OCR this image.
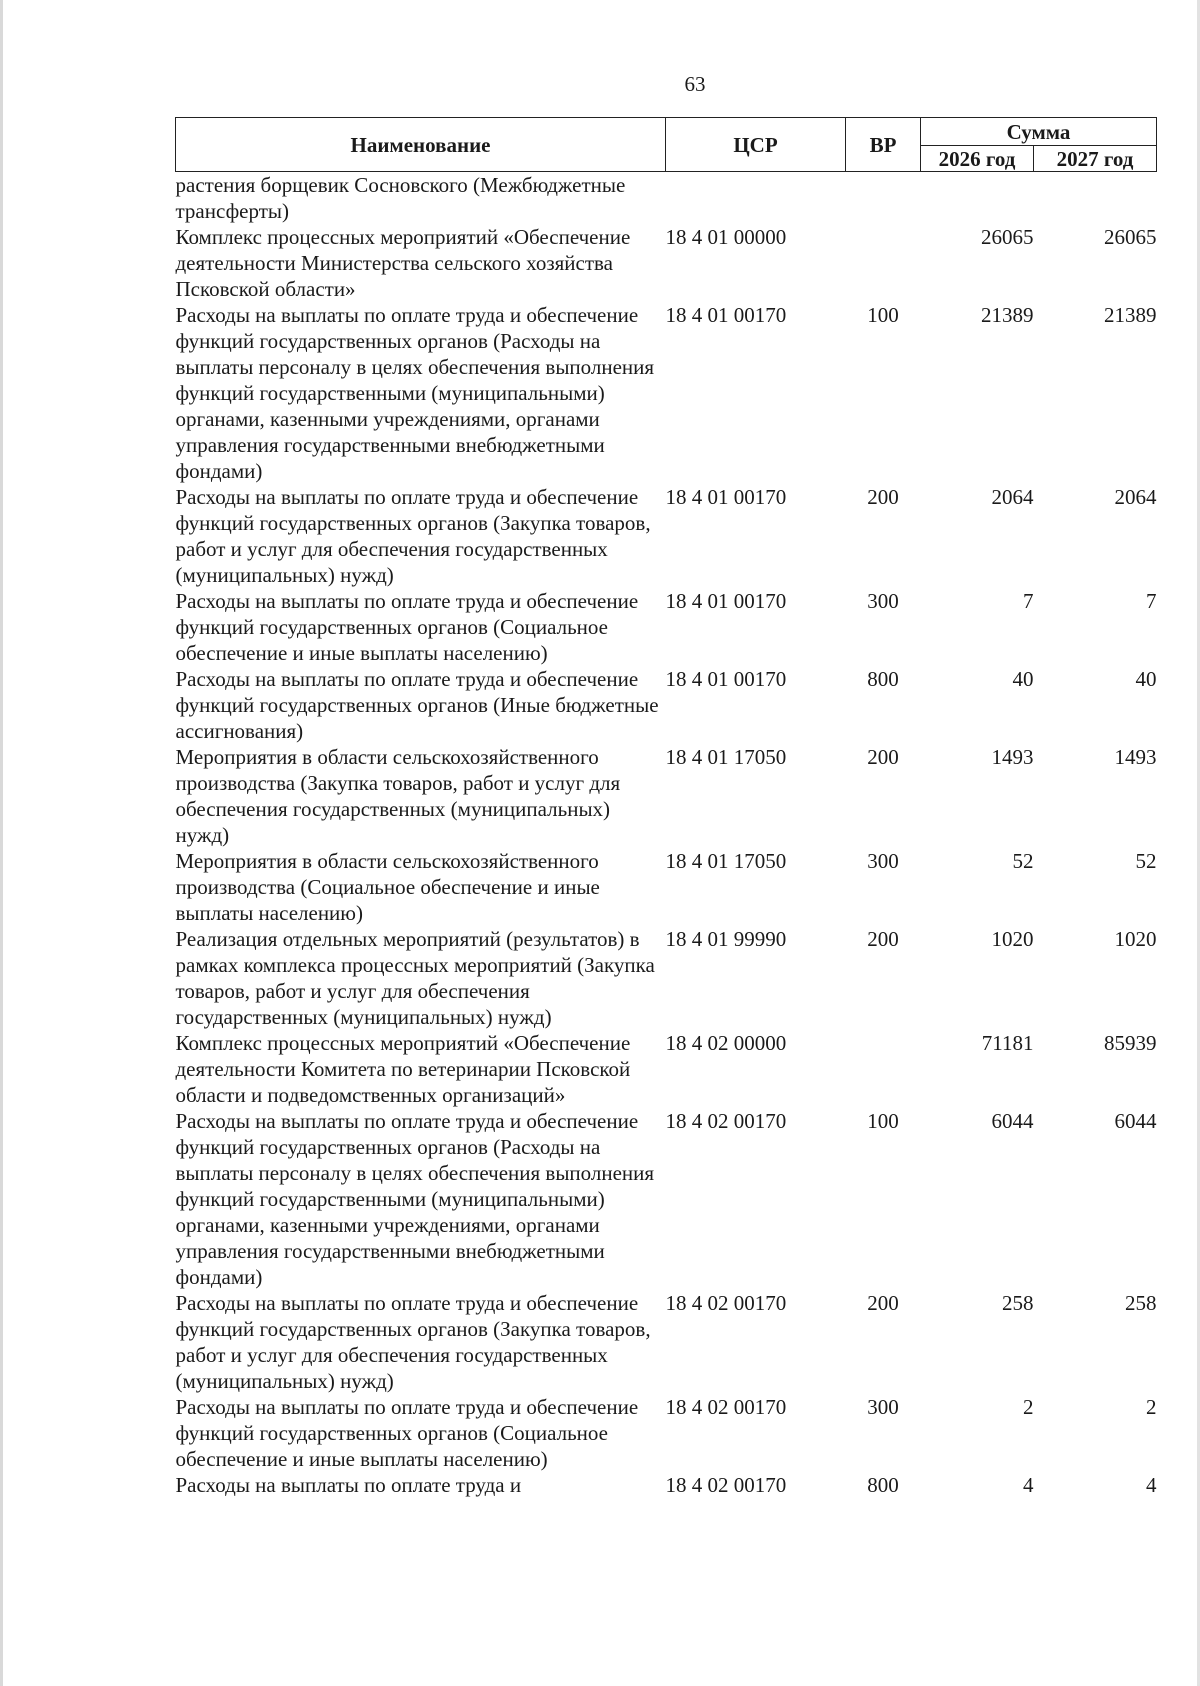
63
Наименование	ЦСР	ВР	Сумма	
			2026 год	2027 год
растения борщевик Сосновского (Межбюджетные трансферты)				
Комплекс процессных мероприятий «Обеспечение деятельности Министерства сельского хозяйства Псковской области»	18 4 01 00000		26065	26065
Расходы на выплаты по оплате труда и обеспечение функций государственных органов (Расходы на выплаты персоналу в целях обеспечения выполнения функций государственными (муниципальными) органами, казенными учреждениями, органами управления государственными внебюджетными фондами)	18 4 01 00170	100	21389	21389
Расходы на выплаты по оплате труда и обеспечение функций государственных органов (Закупка товаров, работ и услуг для обеспечения государственных (муниципальных) нужд)	18 4 01 00170	200	2064	2064
Расходы на выплаты по оплате труда и обеспечение функций государственных органов (Социальное обеспечение и иные выплаты населению)	18 4 01 00170	300	7	7
Расходы на выплаты по оплате труда и обеспечение функций государственных органов (Иные бюджетные ассигнования)	18 4 01 00170	800	40	40
Мероприятия в области сельскохозяйственного производства (Закупка товаров, работ и услуг для обеспечения государственных (муниципальных) нужд)	18 4 01 17050	200	1493	1493
Мероприятия в области сельскохозяйственного производства (Социальное обеспечение и иные выплаты населению)	18 4 01 17050	300	52	52
Реализация отдельных мероприятий (результатов) в рамках комплекса процессных мероприятий (Закупка товаров, работ и услуг для обеспечения государственных (муниципальных) нужд)	18 4 01 99990	200	1020	1020
Комплекс процессных мероприятий «Обеспечение деятельности Комитета по ветеринарии Псковской области и подведомственных организаций»	18 4 02 00000		71181	85939
Расходы на выплаты по оплате труда и обеспечение функций государственных органов (Расходы на выплаты персоналу в целях обеспечения выполнения функций государственными (муниципальными) органами, казенными учреждениями, органами управления государственными внебюджетными фондами)	18 4 02 00170	100	6044	6044
Расходы на выплаты по оплате труда и обеспечение функций государственных органов (Закупка товаров, работ и услуг для обеспечения государственных (муниципальных) нужд)	18 4 02 00170	200	258	258
Расходы на выплаты по оплате труда и обеспечение функций государственных органов (Социальное обеспечение и иные выплаты населению)	18 4 02 00170	300	2	2
Расходы на выплаты по оплате труда и	18 4 02 00170	800	4	4
